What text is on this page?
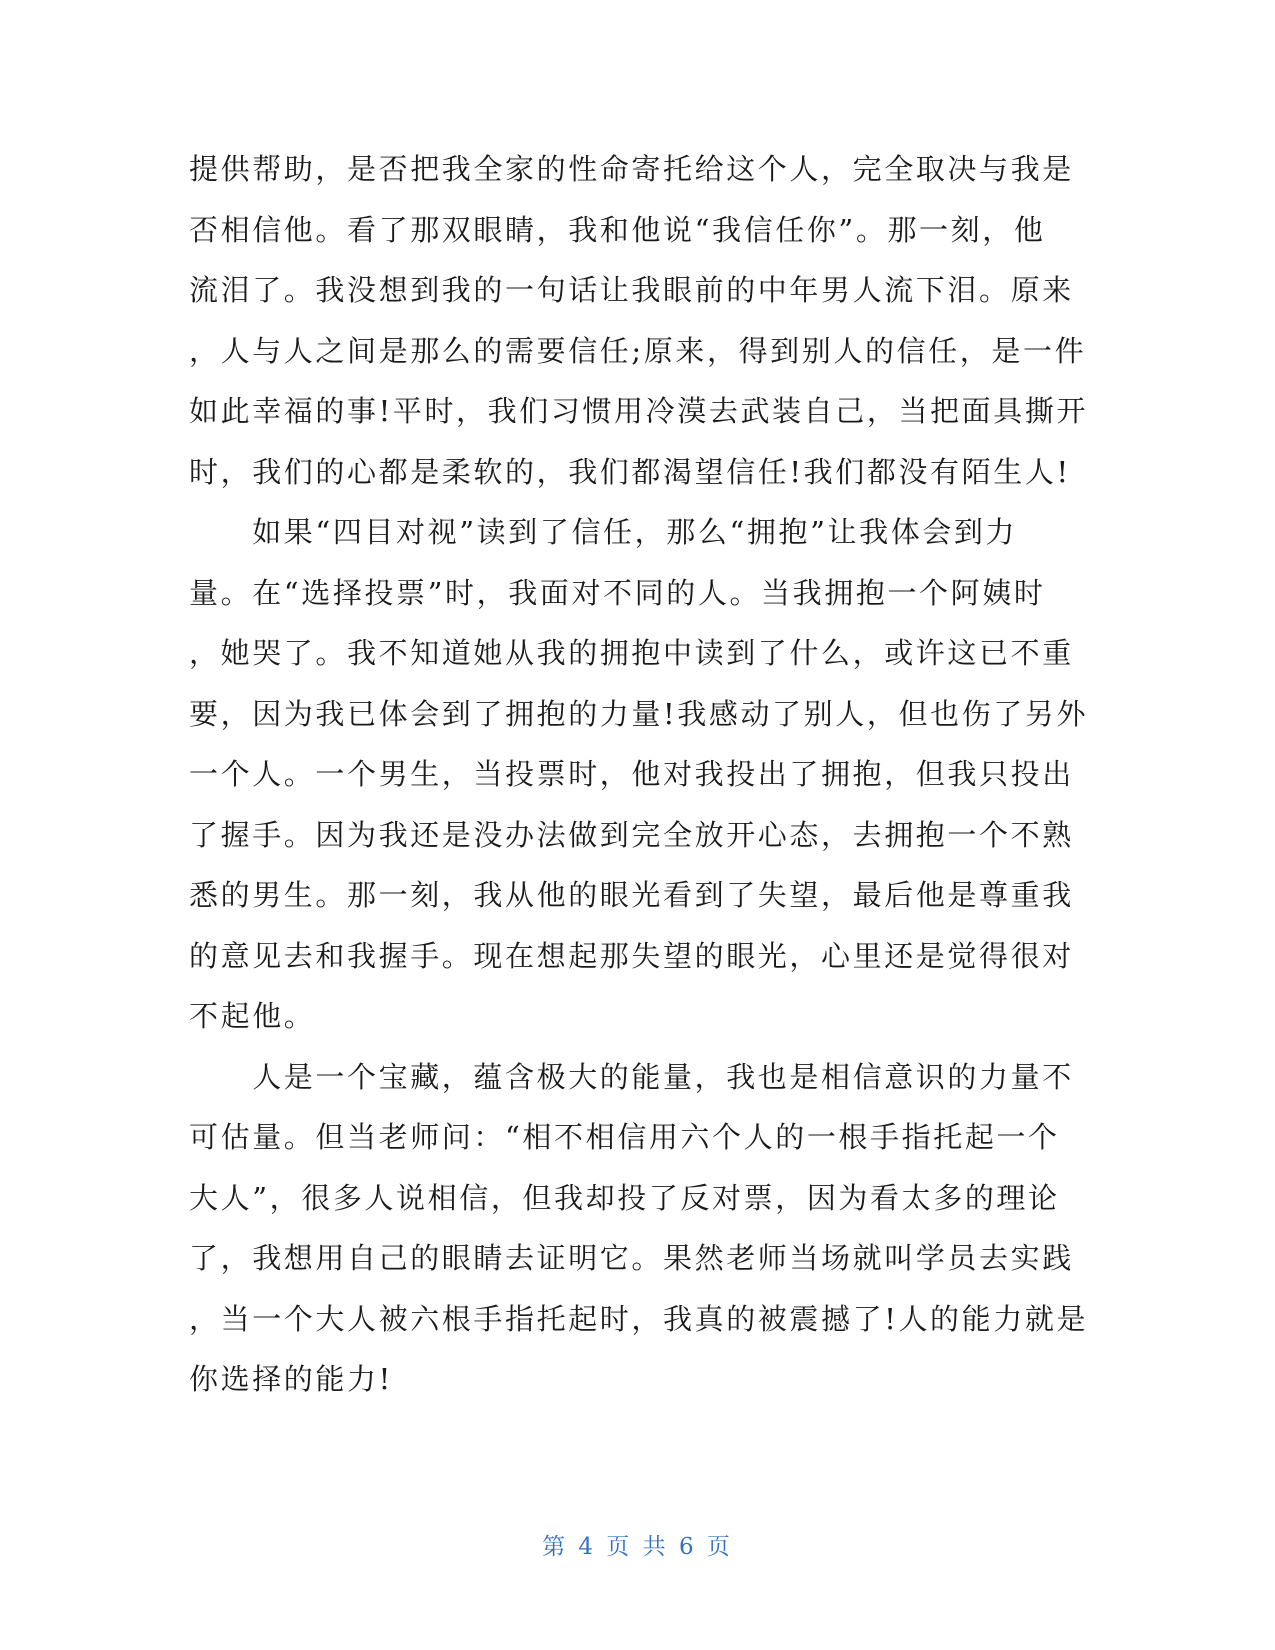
提供帮助，是否把我全家的性命寄托给这个人，完全取决与我是
否相信他。看了那双眼睛，我和他说“我信任你”。那一刻，他
流泪了。我没想到我的一句话让我眼前的中年男人流下泪。原来
，人与人之间是那么的需要信任;原来，得到别人的信任，是一件
如此幸福的事!平时，我们习惯用冷漠去武装自己，当把面具撕开
时，我们的心都是柔软的，我们都渴望信任!我们都没有陌生人!
　　如果“四目对视”读到了信任，那么“拥抱”让我体会到力
量。在“选择投票”时，我面对不同的人。当我拥抱一个阿姨时
，她哭了。我不知道她从我的拥抱中读到了什么，或许这已不重
要，因为我已体会到了拥抱的力量!我感动了别人，但也伤了另外
一个人。一个男生，当投票时，他对我投出了拥抱，但我只投出
了握手。因为我还是没办法做到完全放开心态，去拥抱一个不熟
悉的男生。那一刻，我从他的眼光看到了失望，最后他是尊重我
的意见去和我握手。现在想起那失望的眼光，心里还是觉得很对
不起他。
　　人是一个宝藏，蕴含极大的能量，我也是相信意识的力量不
可估量。但当老师问：“相不相信用六个人的一根手指托起一个
大人”，很多人说相信，但我却投了反对票，因为看太多的理论
了，我想用自己的眼睛去证明它。果然老师当场就叫学员去实践
，当一个大人被六根手指托起时，我真的被震撼了!人的能力就是
你选择的能力!
第 4 页 共 6 页
